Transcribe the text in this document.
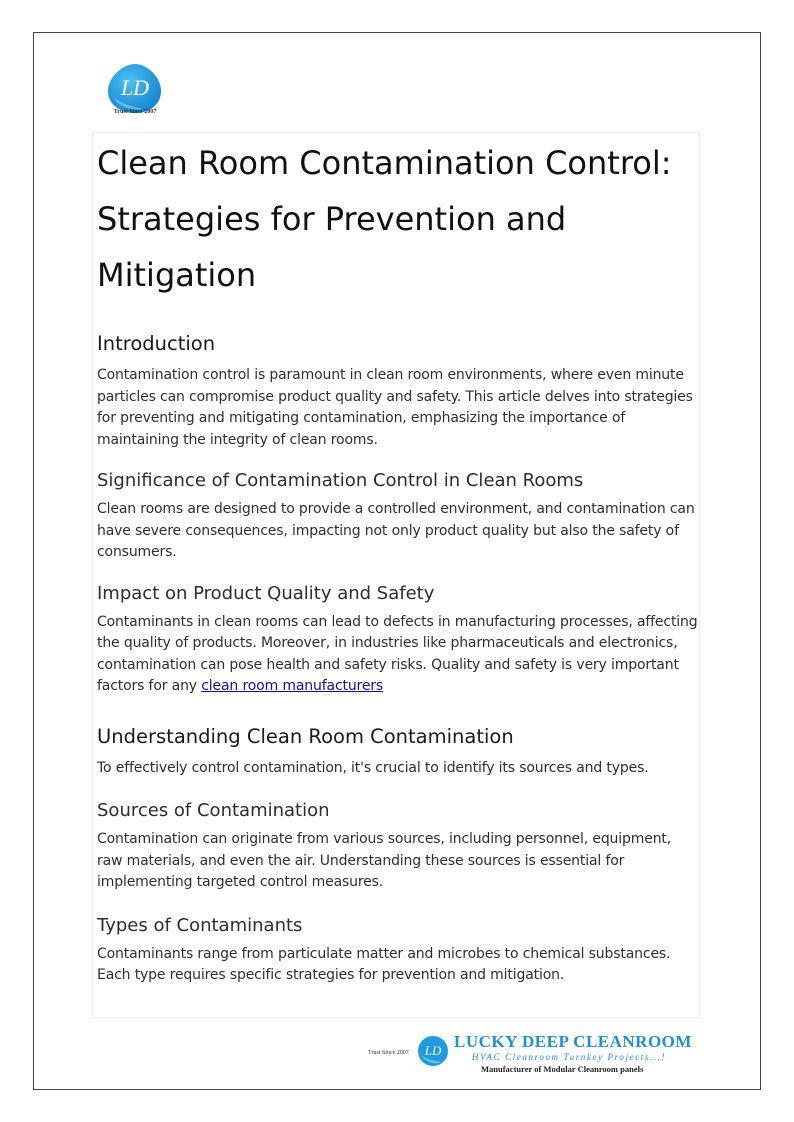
LD
Trust Since 2007
Clean Room Contamination Control: Strategies for Prevention and Mitigation
Introduction

Contamination control is paramount in clean room environments, where even minute particles can compromise product quality and safety. This article delves into strategies for preventing and mitigating contamination, emphasizing the importance of maintaining the integrity of clean rooms.

Significance of Contamination Control in Clean Rooms

Clean rooms are designed to provide a controlled environment, and contamination can have severe consequences, impacting not only product quality but also the safety of consumers.

Impact on Product Quality and Safety

Contaminants in clean rooms can lead to defects in manufacturing processes, affecting the quality of products. Moreover, in industries like pharmaceuticals and electronics, contamination can pose health and safety risks. Quality and safety is very important factors for any clean room manufacturers

Understanding Clean Room Contamination

To effectively control contamination, it's crucial to identify its sources and types.

Sources of Contamination

Contamination can originate from various sources, including personnel, equipment, raw materials, and even the air. Understanding these sources is essential for implementing targeted control measures.

Types of Contaminants

Contaminants range from particulate matter and microbes to chemical substances. Each type requires specific strategies for prevention and mitigation.

Trust Since 2007 LD LUCKY DEEP CLEANROOM
HVAC Cleanroom Turnkey Projects...!
Manufacturer of Modular Cleanroom panels
